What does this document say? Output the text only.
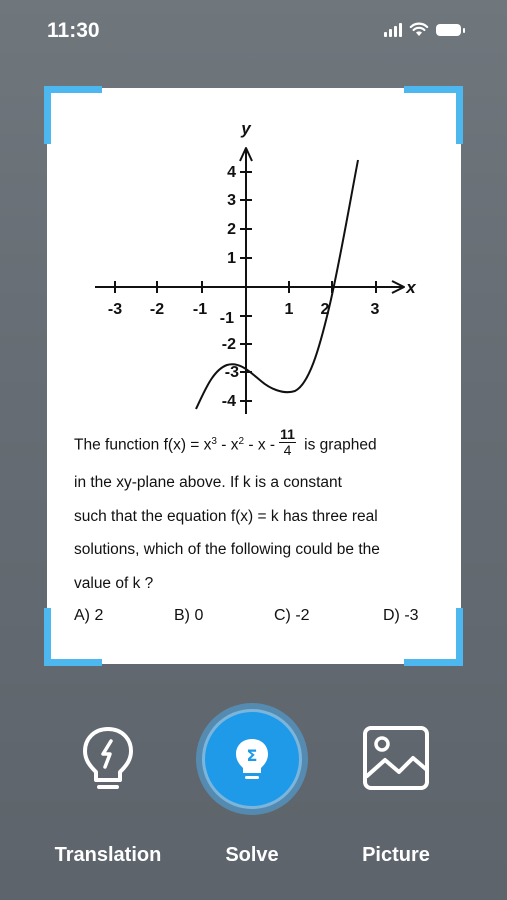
11:30
-3 -2 -1	1 2	3
4
3
2
1
-1
-2
-3
-4
y
x
The function $f(x) = x^3 - x^2 - x - \frac{11}{4}$ is graphed
in the xy-plane above. If k is a constant
such that the equation f(x) = k has three real
solutions, which of the following could be the
value of k ?
A) 2	B) 0	C) -2	D) -3
Translation
Σ
Solve	Picture
